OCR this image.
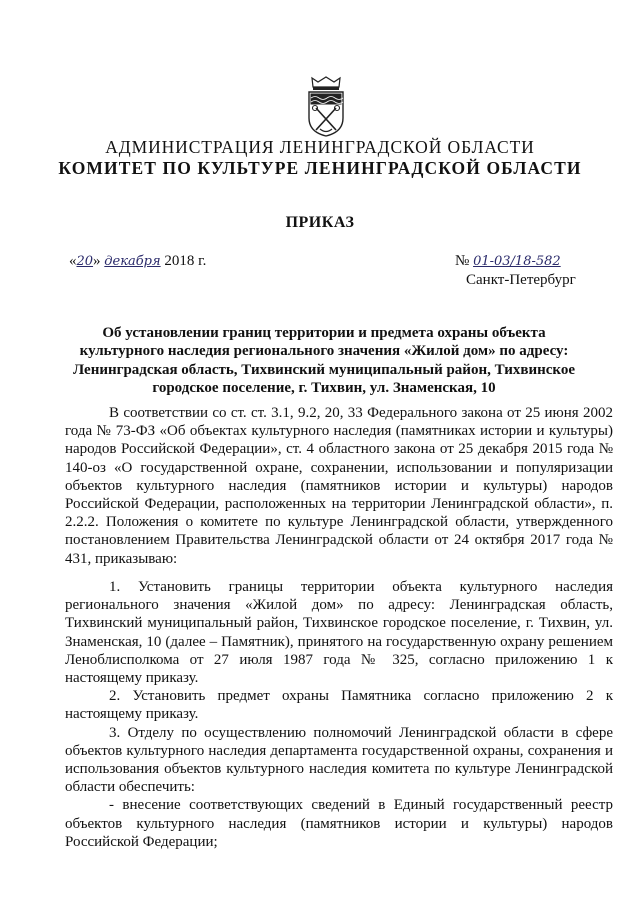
АДМИНИСТРАЦИЯ ЛЕНИНГРАДСКОЙ ОБЛАСТИ
КОМИТЕТ ПО КУЛЬТУРЕ ЛЕНИНГРАДСКОЙ ОБЛАСТИ
ПРИКАЗ
«20» декабря 2018 г.	№ 01-03/18-582
Санкт-Петербург
Об установлении границ территории и предмета охраны объекта культурного наследия регионального значения «Жилой дом» по адресу: Ленинградская область, Тихвинский муниципальный район, Тихвинское городское поселение, г. Тихвин, ул. Знаменская, 10

В соответствии со ст. ст. 3.1, 9.2, 20, 33 Федерального закона от 25 июня 2002 года № 73-ФЗ «Об объектах культурного наследия (памятниках истории и культуры) народов Российской Федерации», ст. 4 областного закона от 25 декабря 2015 года № 140-оз «О государственной охране, сохранении, использовании и популяризации объектов культурного наследия (памятников истории и культуры) народов Российской Федерации, расположенных на территории Ленинградской области», п. 2.2.2. Положения о комитете по культуре Ленинградской области, утвержденного постановлением Правительства Ленинградской области от 24 октября 2017 года № 431, приказываю:

1. Установить границы территории объекта культурного наследия регионального значения «Жилой дом» по адресу: Ленинградская область, Тихвинский муниципальный район, Тихвинское городское поселение, г. Тихвин, ул. Знаменская, 10 (далее – Памятник), принятого на государственную охрану решением Леноблисполкома от 27 июля 1987 года № 325, согласно приложению 1 к настоящему приказу.

2. Установить предмет охраны Памятника согласно приложению 2 к настоящему приказу.

3. Отделу по осуществлению полномочий Ленинградской области в сфере объектов культурного наследия департамента государственной охраны, сохранения и использования объектов культурного наследия комитета по культуре Ленинградской области обеспечить:

- внесение соответствующих сведений в Единый государственный реестр объектов культурного наследия (памятников истории и культуры) народов Российской Федерации;
